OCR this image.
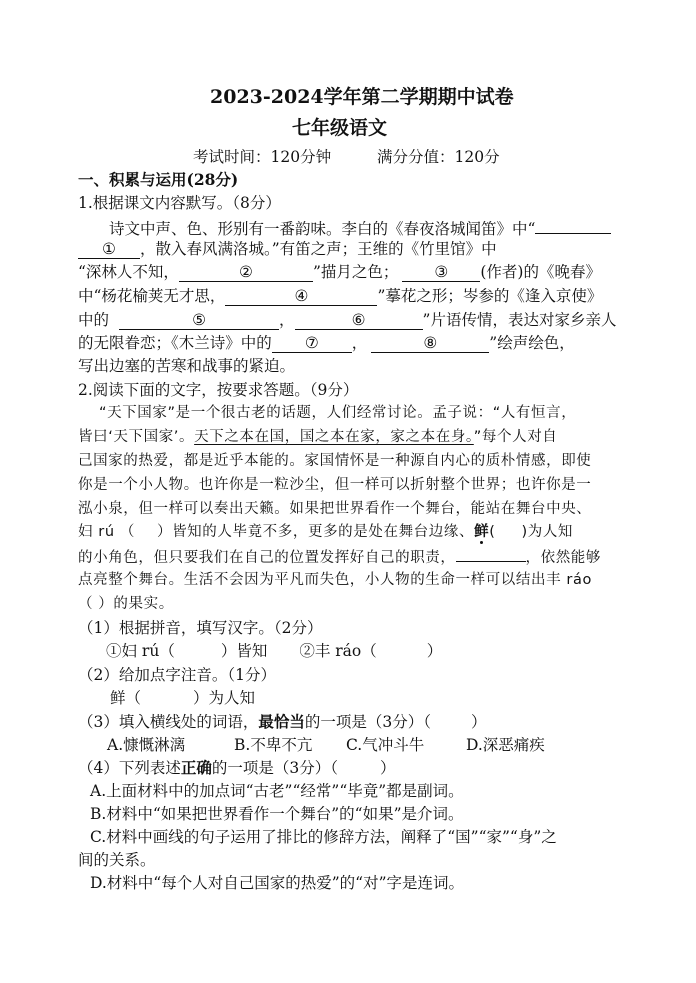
2023-2024学年第二学期期中试卷
七年级语文
考试时间：120分钟	满分分值：120分
一、积累与运用(28分)
1.根据课文内容默写。（8分）
诗文中声、色、形别有一番韵味。李白的《春夜洛城闻笛》中“
① ，散入春风满洛城。”有笛之声；王维的《竹里馆》中
“深林人不知，	②	”描月之色； ③ (作者)的《晚春》
中“杨花榆荚无才思，	④	”摹花之形；岑参的《逢入京使》
中的	⑤	，	⑥	”片语传情，表达对家乡亲人
的无限眷恋；《木兰诗》中的 ⑦ ，	⑧	”绘声绘色，
写出边塞的苦寒和战事的紧迫。
2.阅读下面的文字，按要求答题。（9分）
“天下国家”是一个很古老的话题，人们经常讨论。孟子说：“人有恒言，
皆曰‘天下国家’。天下之本在国，国之本在家，家之本在身。”每个人对自
己国家的热爱，都是近乎本能的。家国情怀是一种源自内心的质朴情感，即使
你是一个小人物。也许你是一粒沙尘，但一样可以折射整个世界；也许你是一
泓小泉，但一样可以奏出天籁。如果把世界看作一个舞台，能站在舞台中央、
妇 rú （ ）皆知的人毕竟不多，更多的是处在舞台边缘、鲜( )为人知
的小角色，但只要我们在自己的位置发挥好自己的职责，	，依然能够
点亮整个舞台。生活不会因为平凡而失色，小人物的生命一样可以结出丰 ráo
（ ）的果实。
（1）根据拼音，填写汉字。（2分）
①妇 rú（	）皆知 ②丰 ráo（	）
（2）给加点字注音。（1分）
鲜（	）为人知
（3）填入横线处的词语，最恰当的一项是（3分）（	）
A.慷慨淋漓	B.不卑不亢 C.气冲斗牛	D.深恶痛疾
（4）下列表述正确的一项是（3分）（	）
A.上面材料中的加点词“古老”“经常”“毕竟”都是副词。
B.材料中“如果把世界看作一个舞台”的“如果”是介词。
C.材料中画线的句子运用了排比的修辞方法，阐释了“国”“家”“身”之
间的关系。
D.材料中“每个人对自己国家的热爱”的“对”字是连词。
